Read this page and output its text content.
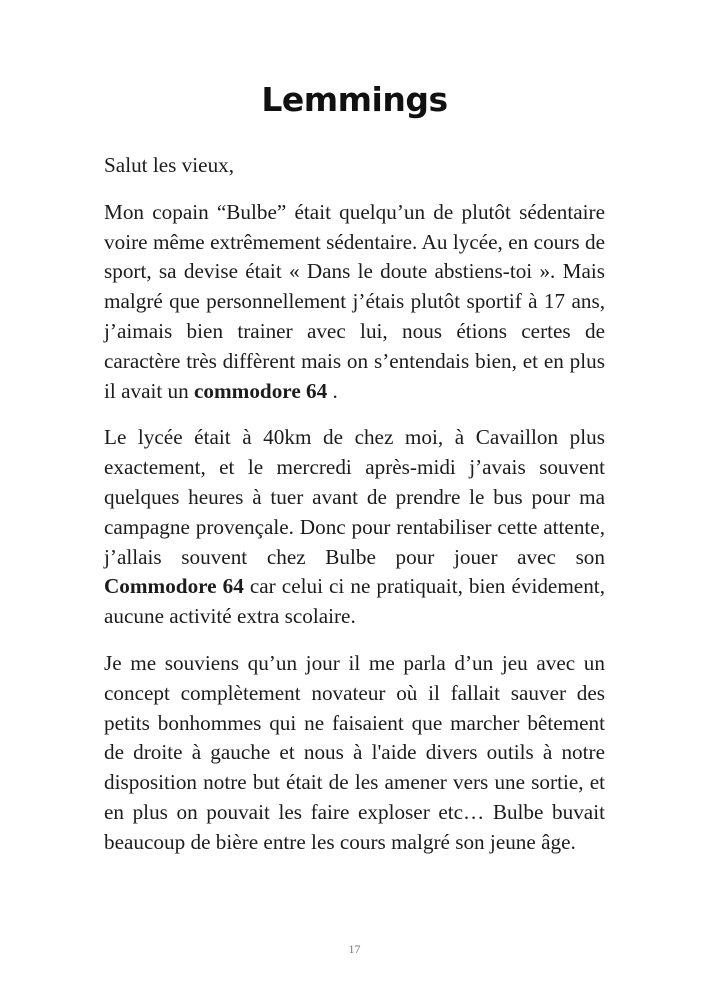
Lemmings

Salut les vieux,

Mon copain “Bulbe” était quelqu’un de plutôt sédentaire voire même extrêmement sédentaire. Au lycée, en cours de sport, sa devise était « Dans le doute abstiens-toi ». Mais malgré que personnellement j’étais plutôt sportif à 17 ans, j’aimais bien trainer avec lui, nous étions certes de caractère très diffèrent mais on s’entendais bien, et en plus il avait un commodore 64 .

Le lycée était à 40km de chez moi, à Cavaillon plus exactement, et le mercredi après-midi j’avais souvent quelques heures à tuer avant de prendre le bus pour ma campagne provençale. Donc pour rentabiliser cette attente, j’allais souvent chez Bulbe pour jouer avec son Commodore 64 car celui ci ne pratiquait, bien évidement, aucune activité extra scolaire.

Je me souviens qu’un jour il me parla d’un jeu avec un concept complètement novateur où il fallait sauver des petits bonhommes qui ne faisaient que marcher bêtement de droite à gauche et nous à l'aide divers outils à notre disposition notre but était de les amener vers une sortie, et en plus on pouvait les faire exploser etc… Bulbe buvait beaucoup de bière entre les cours malgré son jeune âge.

17
